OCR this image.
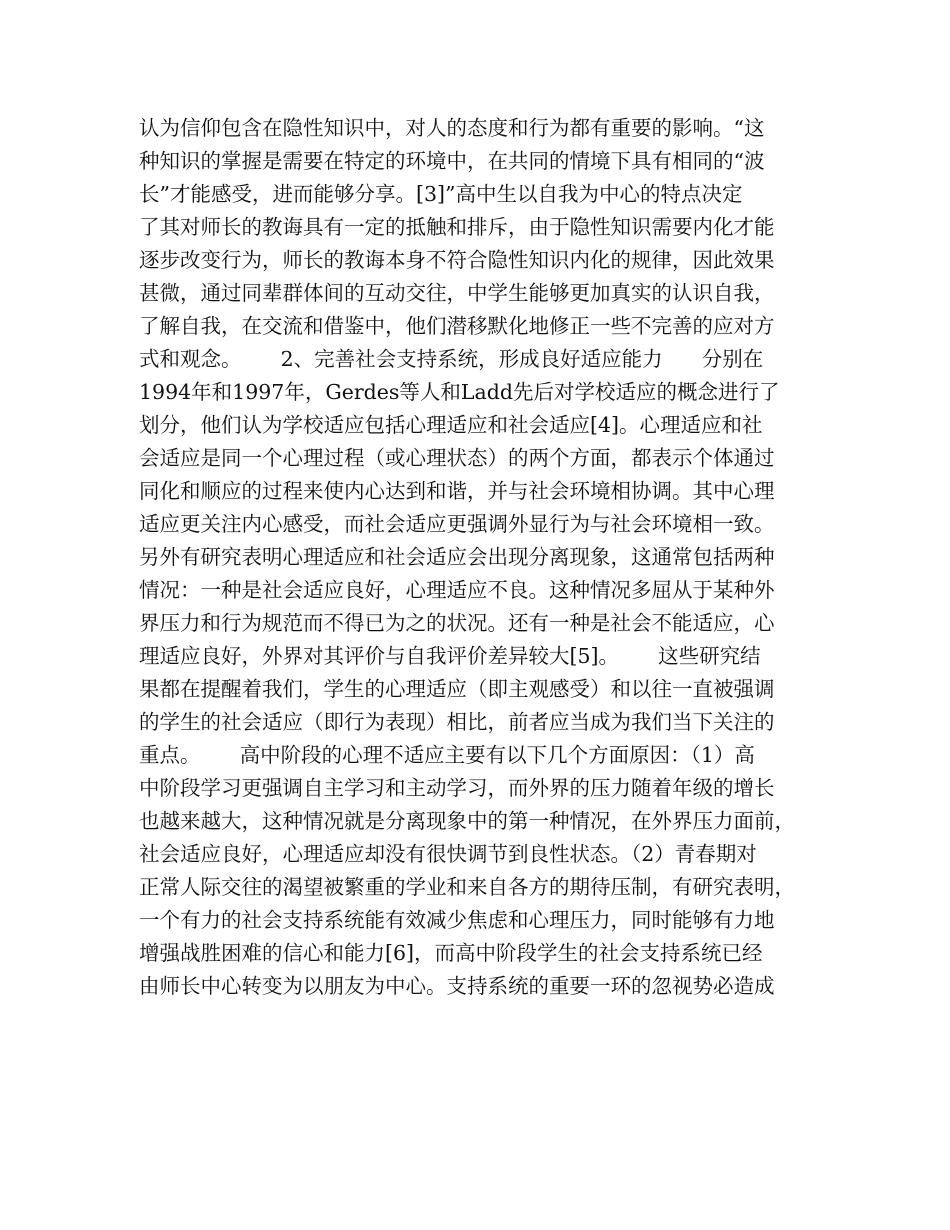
认为信仰包含在隐性知识中，对人的态度和行为都有重要的影响。“这
种知识的掌握是需要在特定的环境中，在共同的情境下具有相同的“波
长”才能感受，进而能够分享。[3]”高中生以自我为中心的特点决定
了其对师长的教诲具有一定的抵触和排斥，由于隐性知识需要内化才能
逐步改变行为，师长的教诲本身不符合隐性知识内化的规律，因此效果
甚微，通过同辈群体间的互动交往，中学生能够更加真实的认识自我，
了解自我，在交流和借鉴中，他们潜移默化地修正一些不完善的应对方
式和观念。      2、完善社会支持系统，形成良好适应能力      分别在
1994年和1997年，Gerdes等人和Ladd先后对学校适应的概念进行了
划分，他们认为学校适应包括心理适应和社会适应[4]。心理适应和社
会适应是同一个心理过程（或心理状态）的两个方面，都表示个体通过
同化和顺应的过程来使内心达到和谐，并与社会环境相协调。其中心理
适应更关注内心感受，而社会适应更强调外显行为与社会环境相一致。
另外有研究表明心理适应和社会适应会出现分离现象，这通常包括两种
情况：一种是社会适应良好，心理适应不良。这种情况多屈从于某种外
界压力和行为规范而不得已为之的状况。还有一种是社会不能适应，心
理适应良好，外界对其评价与自我评价差异较大[5]。      这些研究结
果都在提醒着我们，学生的心理适应（即主观感受）和以往一直被强调
的学生的社会适应（即行为表现）相比，前者应当成为我们当下关注的
重点。      高中阶段的心理不适应主要有以下几个方面原因：（1）高
中阶段学习更强调自主学习和主动学习，而外界的压力随着年级的增长
也越来越大，这种情况就是分离现象中的第一种情况，在外界压力面前，
社会适应良好，心理适应却没有很快调节到良性状态。（2）青春期对
正常人际交往的渴望被繁重的学业和来自各方的期待压制，有研究表明，
一个有力的社会支持系统能有效减少焦虑和心理压力，同时能够有力地
增强战胜困难的信心和能力[6]，而高中阶段学生的社会支持系统已经
由师长中心转变为以朋友为中心。支持系统的重要一环的忽视势必造成
